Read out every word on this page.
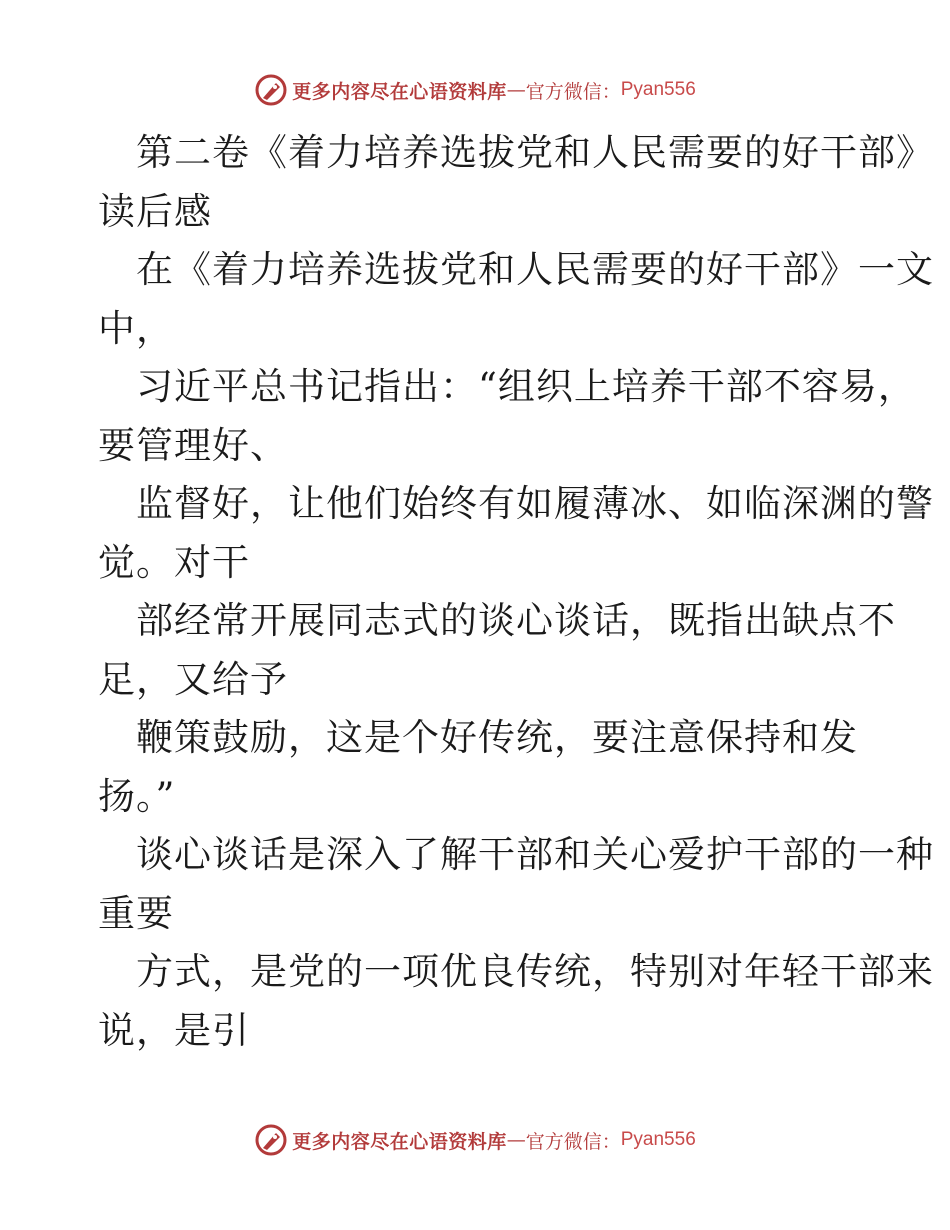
更多内容尽在心语资料库 — 官方微信： Pyan556
第二卷《着力培养选拔党和人民需要的好干部》
读后感
在《着力培养选拔党和人民需要的好干部》一文
中，
习近平总书记指出：“组织上培养干部不容易，
要管理好、
监督好，让他们始终有如履薄冰、如临深渊的警
觉。对干
部经常开展同志式的谈心谈话，既指出缺点不
足，又给予
鞭策鼓励，这是个好传统，要注意保持和发
扬。”
谈心谈话是深入了解干部和关心爱护干部的一种
重要
方式，是党的一项优良传统，特别对年轻干部来
说，是引
更多内容尽在心语资料库 — 官方微信： Pyan556
